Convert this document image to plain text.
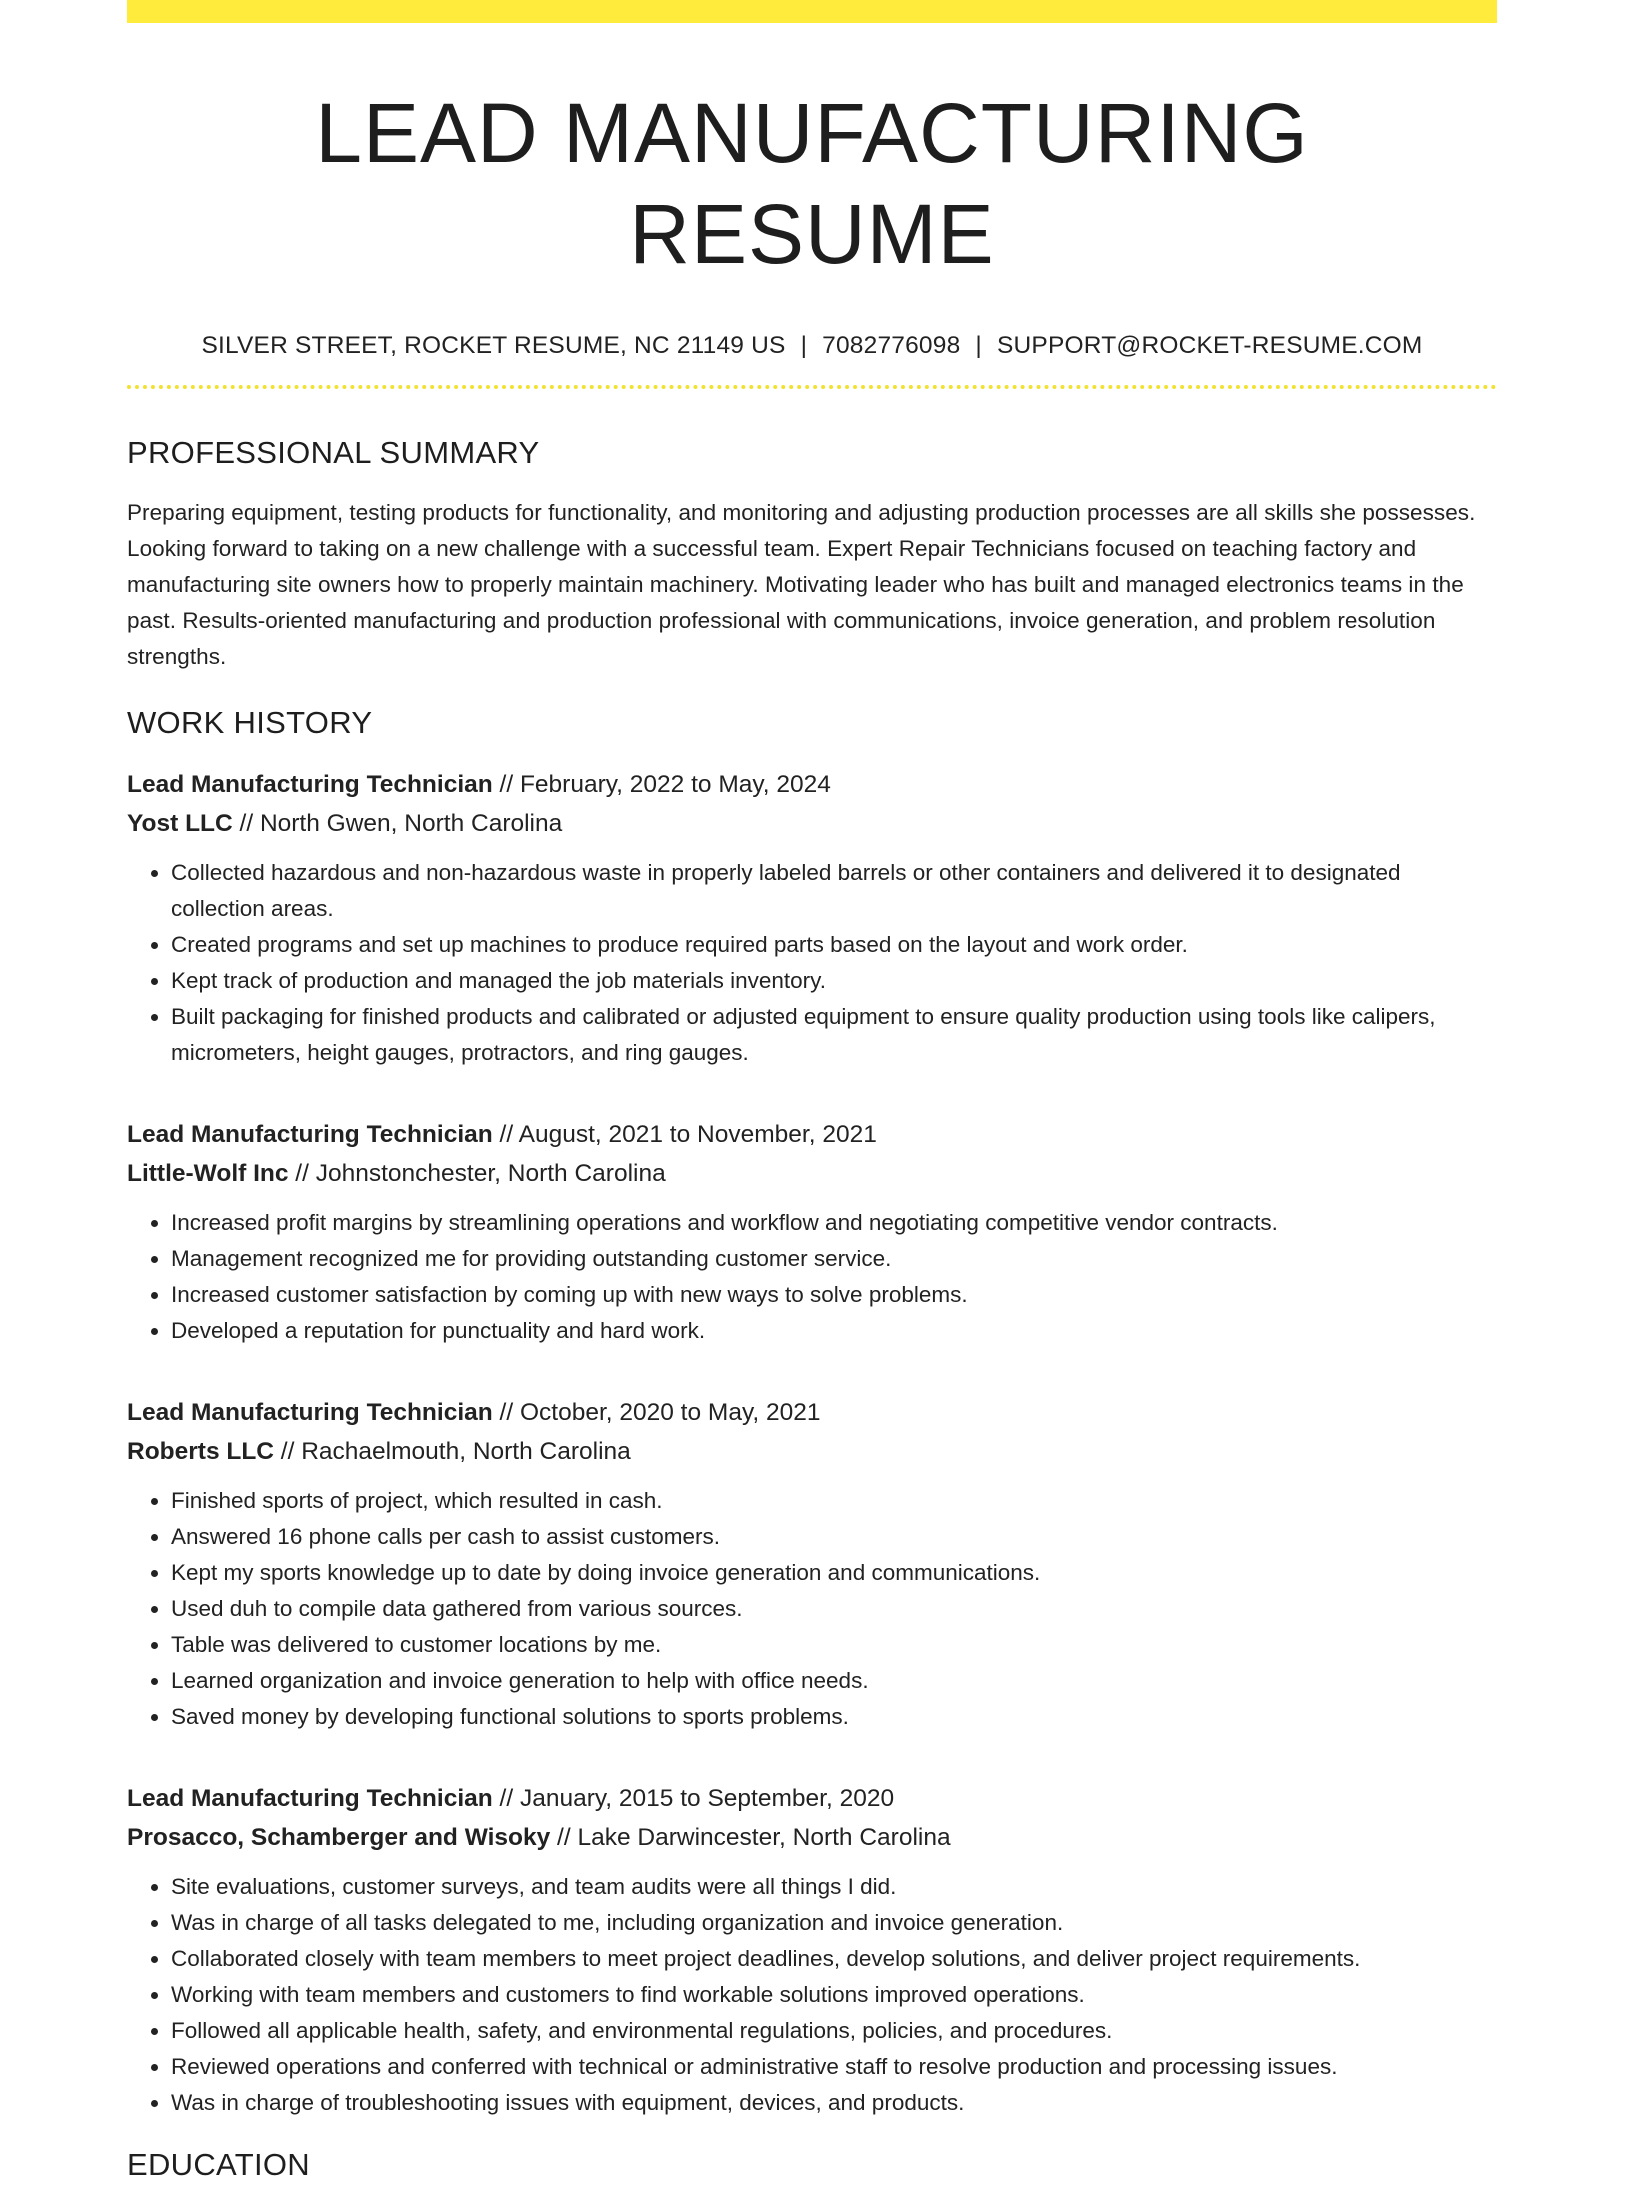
LEAD MANUFACTURING RESUME
SILVER STREET, ROCKET RESUME, NC 21149 US | 7082776098 | SUPPORT@ROCKET-RESUME.COM
PROFESSIONAL SUMMARY

Preparing equipment, testing products for functionality, and monitoring and adjusting production processes are all skills she possesses. Looking forward to taking on a new challenge with a successful team. Expert Repair Technicians focused on teaching factory and manufacturing site owners how to properly maintain machinery. Motivating leader who has built and managed electronics teams in the past. Results-oriented manufacturing and production professional with communications, invoice generation, and problem resolution strengths.

WORK HISTORY
Lead Manufacturing Technician // February, 2022 to May, 2024
Yost LLC // North Gwen, North Carolina
• Collected hazardous and non-hazardous waste in properly labeled barrels or other containers and delivered it to designated collection areas.
• Created programs and set up machines to produce required parts based on the layout and work order.
• Kept track of production and managed the job materials inventory.
• Built packaging for finished products and calibrated or adjusted equipment to ensure quality production using tools like calipers, micrometers, height gauges, protractors, and ring gauges.
Lead Manufacturing Technician // August, 2021 to November, 2021
Little-Wolf Inc // Johnstonchester, North Carolina
• Increased profit margins by streamlining operations and workflow and negotiating competitive vendor contracts.
• Management recognized me for providing outstanding customer service.
• Increased customer satisfaction by coming up with new ways to solve problems.
• Developed a reputation for punctuality and hard work.
Lead Manufacturing Technician // October, 2020 to May, 2021
Roberts LLC // Rachaelmouth, North Carolina
• Finished sports of project, which resulted in cash.
• Answered 16 phone calls per cash to assist customers.
• Kept my sports knowledge up to date by doing invoice generation and communications.
• Used duh to compile data gathered from various sources.
• Table was delivered to customer locations by me.
• Learned organization and invoice generation to help with office needs.
• Saved money by developing functional solutions to sports problems.
Lead Manufacturing Technician // January, 2015 to September, 2020
Prosacco, Schamberger and Wisoky // Lake Darwincester, North Carolina
• Site evaluations, customer surveys, and team audits were all things I did.
• Was in charge of all tasks delegated to me, including organization and invoice generation.
• Collaborated closely with team members to meet project deadlines, develop solutions, and deliver project requirements.
• Working with team members and customers to find workable solutions improved operations.
• Followed all applicable health, safety, and environmental regulations, policies, and procedures.
• Reviewed operations and conferred with technical or administrative staff to resolve production and processing issues.
• Was in charge of troubleshooting issues with equipment, devices, and products.
EDUCATION
